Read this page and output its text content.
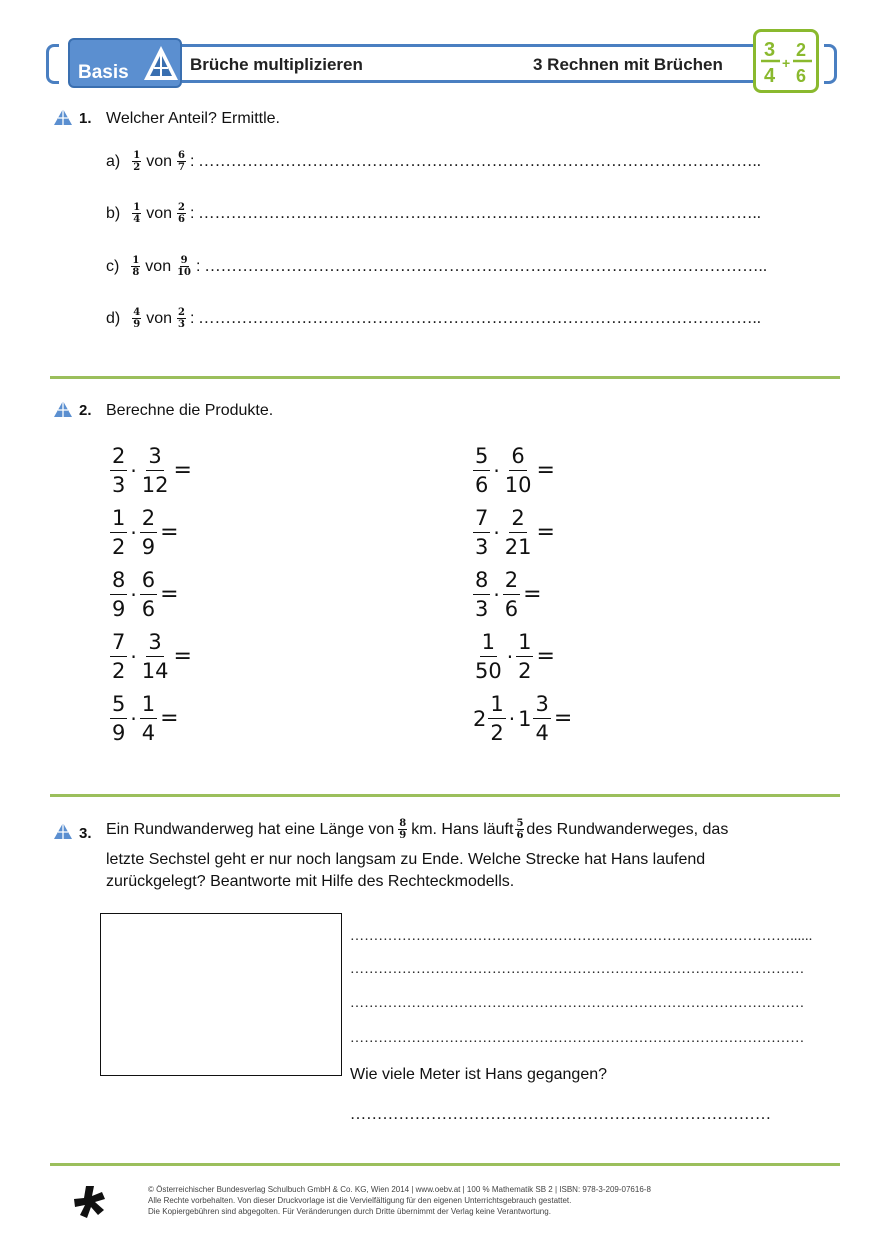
Basis	Brüche multiplizieren	3 Rechnen mit Brüchen
3
4
+
2
6
1. Welcher Anteil? Ermittle.
a) 1
2 von 6
7 : …………………………………………………………………………………………..
b) 1
4 von 2
6 : …………………………………………………………………………………………..
c) 1
8 von 9
10 : …………………………………………………………………………………………..
d) 4
9 von 2
3 : …………………………………………………………………………………………..
2. Berechne die Produkte.
2
3
· $\frac{3}{12}$ =
1
2
· $\frac{2}{9}$ =
8
9
· $\frac{6}{6}$ =
7
2
· $\frac{3}{14}$ =
5
9
· $\frac{1}{4}$ =
5
6
· $\frac{6}{10}$ =
7
3
· $\frac{2}{21}$ =
8
3
· $\frac{2}{6}$ =
1
50
· $\frac{1}{2}$ =
2
1
2
· $1 \frac{3}{4}$ =
3. Ein Rundwanderweg hat eine Länge von 8
9 km. Hans läuft 5
6 des Rundwanderweges, das
letzte Sechstel geht er nur noch langsam zu Ende. Welche Strecke hat Hans laufend
zurückgelegt? Beantworte mit Hilfe des Rechteckmodells.
…………………………………………………………………………………......
……………………………………………………………………………………
……………………………………………………………………………………
……………………………………………………………………………………
Wie viele Meter ist Hans gegangen?
……………………………………………………………………
© Österreichischer Bundesverlag Schulbuch GmbH & Co. KG, Wien 2014 | www.oebv.at | 100 % Mathematik SB 2 | ISBN: 978-3-209-07616-8
Alle Rechte vorbehalten. Von dieser Druckvorlage ist die Vervielfältigung für den eigenen Unterrichtsgebrauch gestattet.
Die Kopiergebühren sind abgegolten. Für Veränderungen durch Dritte übernimmt der Verlag keine Verantwortung.
